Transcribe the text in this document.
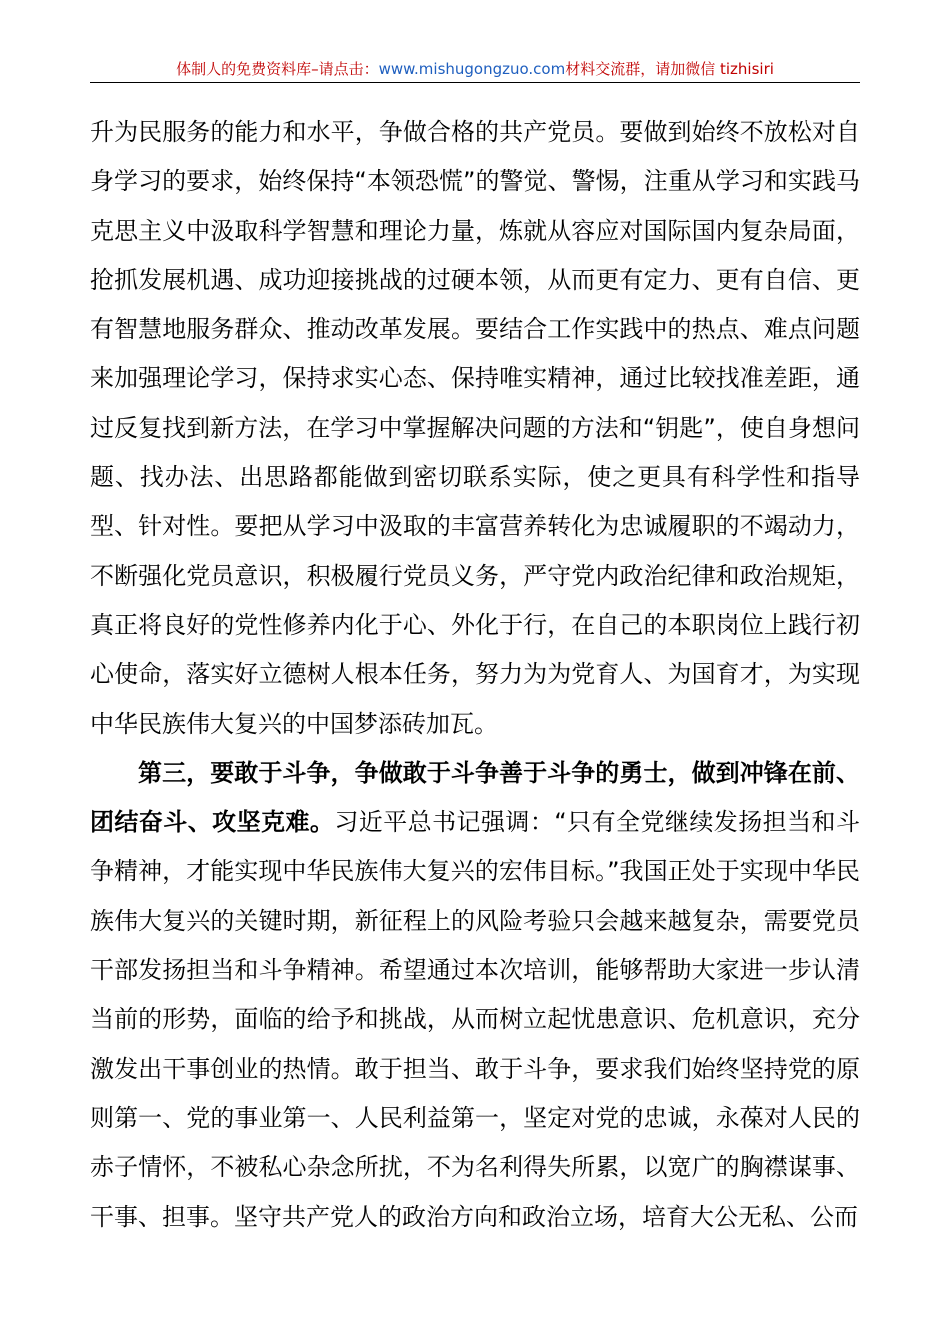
体制人的免费资料库–请点击：www.mishugongzuo.com材料交流群，请加微信 tizhisiri

升为民服务的能力和水平，争做合格的共产党员。要做到始终不放松对自身学习的要求，始终保持“本领恐慌”的警觉、警惕，注重从学习和实践马克思主义中汲取科学智慧和理论力量，炼就从容应对国际国内复杂局面，抢抓发展机遇、成功迎接挑战的过硬本领，从而更有定力、更有自信、更有智慧地服务群众、推动改革发展。要结合工作实践中的热点、难点问题来加强理论学习，保持求实心态、保持唯实精神，通过比较找准差距，通过反复找到新方法，在学习中掌握解决问题的方法和“钥匙”，使自身想问题、找办法、出思路都能做到密切联系实际，使之更具有科学性和指导型、针对性。要把从学习中汲取的丰富营养转化为忠诚履职的不竭动力，不断强化党员意识，积极履行党员义务，严守党内政治纪律和政治规矩，真正将良好的党性修养内化于心、外化于行，在自己的本职岗位上践行初心使命，落实好立德树人根本任务，努力为为党育人、为国育才，为实现中华民族伟大复兴的中国梦添砖加瓦。

第三，要敢于斗争，争做敢于斗争善于斗争的勇士，做到冲锋在前、团结奋斗、攻坚克难。习近平总书记强调：“只有全党继续发扬担当和斗争精神，才能实现中华民族伟大复兴的宏伟目标。”我国正处于实现中华民族伟大复兴的关键时期，新征程上的风险考验只会越来越复杂，需要党员干部发扬担当和斗争精神。希望通过本次培训，能够帮助大家进一步认清当前的形势，面临的给予和挑战，从而树立起忧患意识、危机意识，充分激发出干事创业的热情。敢于担当、敢于斗争，要求我们始终坚持党的原则第一、党的事业第一、人民利益第一，坚定对党的忠诚，永葆对人民的赤子情怀，不被私心杂念所扰，不为名利得失所累，以宽广的胸襟谋事、干事、担事。坚守共产党人的政治方向和政治立场，培育大公无私、公而
